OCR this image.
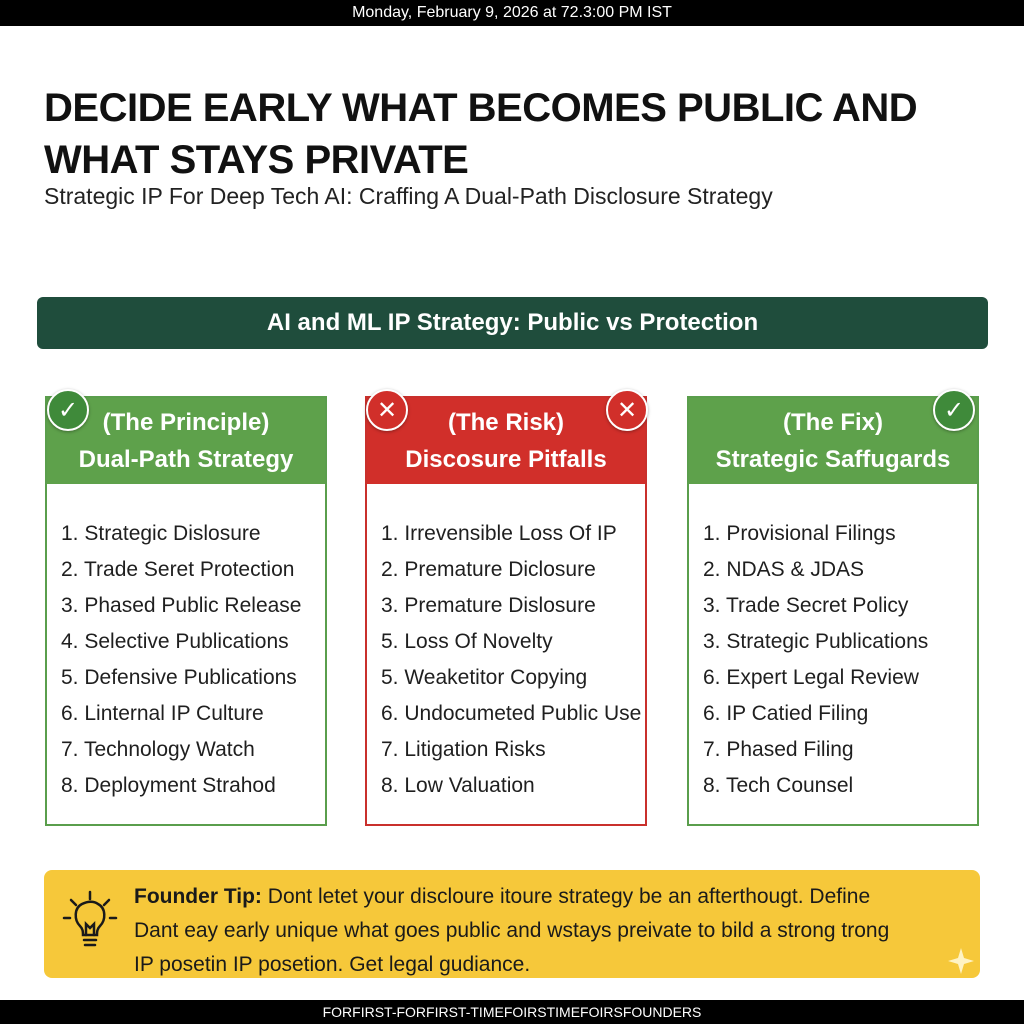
Monday, February 9, 2026 at 72.3:00 PM IST
DECIDE EARLY WHAT BECOMES PUBLIC AND
WHAT STAYS PRIVATE
Strategic IP For Deep Tech AI: Craffing A Dual-Path Disclosure Strategy
AI and ML IP Strategy: Public vs Protection
(The Principle)
Dual-Path Strategy
1. Strategic Dislosure
2. Trade Seret Protection
3. Phased Public Release
4. Selective Publications
5. Defensive Publications
6. Linternal IP Culture
7. Technology Watch
8. Deployment Strahod
✓	(The Risk)
Discosure Pitfalls
1. Irrevensible Loss Of IP
2. Premature Diclosure
3. Premature Dislosure
5. Loss Of Novelty
5. Weaketitor Copying
6. Undocumeted Public Use
7. Litigation Risks
8. Low Valuation
✕	✕	(The Fix)
Strategic Saffugards
1. Provisional Filings
2. NDAS & JDAS
3. Trade Secret Policy
3. Strategic Publications
6. Expert Legal Review
6. IP Catied Filing
7. Phased Filing
8. Tech Counsel
✓
Founder Tip: Dont letet your discloure itoure strategy be an afterthougt. Define
Dant eay early unique what goes public and wstays preivate to bild a strong trong
IP posetin IP posetion. Get legal gudiance.
FORFIRST-FORFIRST-TIMEFOIRSTIMEFOIRSFOUNDERS
